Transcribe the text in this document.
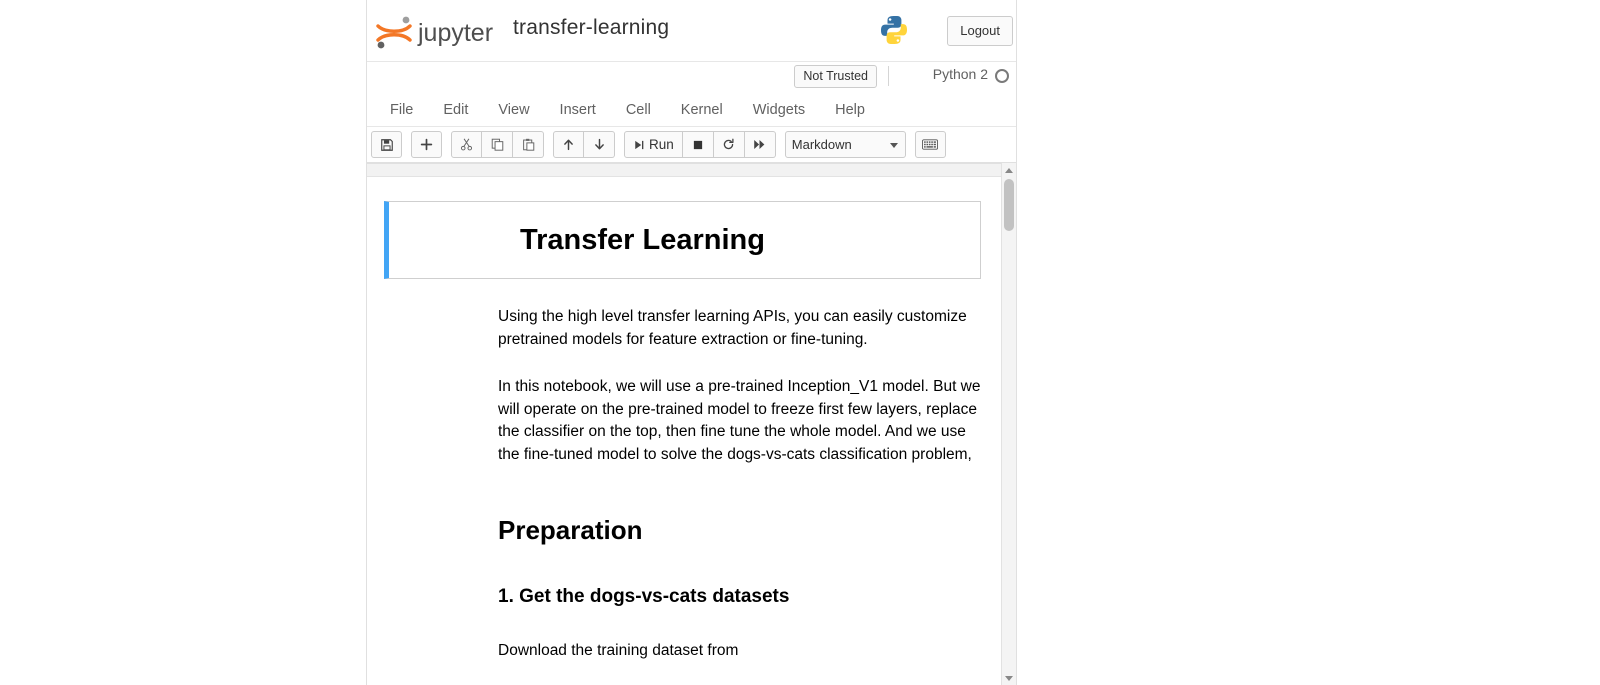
jupyter transfer-learning	Logout
Not Trusted	Python 2
File	Edit	View	Insert	Cell	Kernel	Widgets	Help
Run	Markdown
Transfer Learning

Using the high level transfer learning APIs, you can easily customize pretrained models for feature extraction or fine-tuning.

In this notebook, we will use a pre-trained Inception_V1 model. But we will operate on the pre-trained model to freeze first few layers, replace the classifier on the top, then fine tune the whole model. And we use the fine-tuned model to solve the dogs-vs-cats classification problem,

Preparation
1. Get the dogs-vs-cats datasets

Download the training dataset from
